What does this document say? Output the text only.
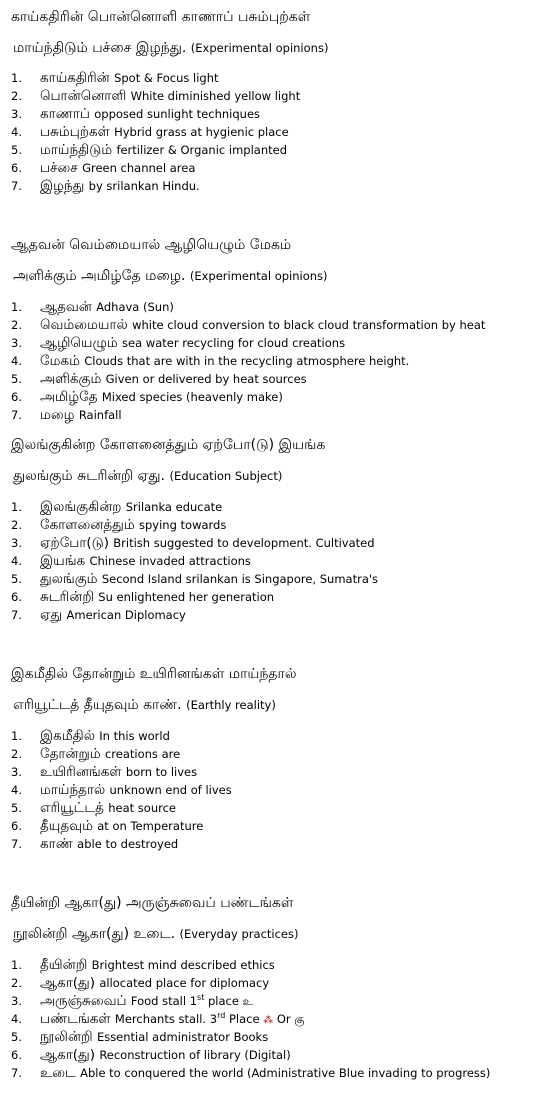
காய்கதிரின் பொன்னொளி காணாப் பசும்புற்கள்
மாய்ந்திடும் பச்சை இழந்து. (Experimental opinions)
1. காய்கதிரின் Spot & Focus light
2. பொன்னொளி White diminished yellow light
3. காணாப் opposed sunlight techniques
4. பசும்புற்கள் Hybrid grass at hygienic place
5. மாய்ந்திடும் fertilizer & Organic implanted
6. பச்சை Green channel area
7. இழந்து by srilankan Hindu.
ஆதவன் வெம்மையால் ஆழியெழும் மேகம்
அளிக்கும் அமிழ்தே மழை. (Experimental opinions)
1. ஆதவன் Adhava (Sun)
2. வெம்மையால் white cloud conversion to black cloud transformation by heat
3. ஆழியெழும் sea water recycling for cloud creations
4. மேகம் Clouds that are with in the recycling atmosphere height.
5. அளிக்கும் Given or delivered by heat sources
6. அமிழ்தே Mixed species (heavenly make)
7. மழை Rainfall
இலங்குகின்ற கோளனைத்தும் ஏற்போ(டு) இயங்க
துலங்கும் சுடரின்றி ஏது. (Education Subject)
1. இலங்குகின்ற Srilanka educate
2. கோளனைத்தும் spying towards
3. ஏற்போ(டு) British suggested to development. Cultivated
4. இயங்க Chinese invaded attractions
5. துலங்கும் Second Island srilankan is Singapore, Sumatra's
6. சுடரின்றி Su enlightened her generation
7. ஏது American Diplomacy
இகமீதில் தோன்றும் உயிரினங்கள் மாய்ந்தால்
எரியூட்டத் தீயுதவும் காண். (Earthly reality)
1. இகமீதில் In this world
2. தோன்றும் creations are
3. உயிரினங்கள் born to lives
4. மாய்ந்தால் unknown end of lives
5. எரியூட்டத் heat source
6. தீயுதவும் at on Temperature
7. காண் able to destroyed
தீயின்றி ஆகா(து) அருஞ்சுவைப் பண்டங்கள்
நூலின்றி ஆகா(து) உடை. (Everyday practices)
1. தீயின்றி Brightest mind described ethics
2. ஆகா(து) allocated place for diplomacy
3. அருஞ்சுவைப் Food stall 1st place உ
4. பண்டங்கள் Merchants stall. 3rd Place ⁂ Or கு
5. நூலின்றி Essential administrator Books
6. ஆகா(து) Reconstruction of library (Digital)
7. உடை Able to conquered the world (Administrative Blue invading to progress)
